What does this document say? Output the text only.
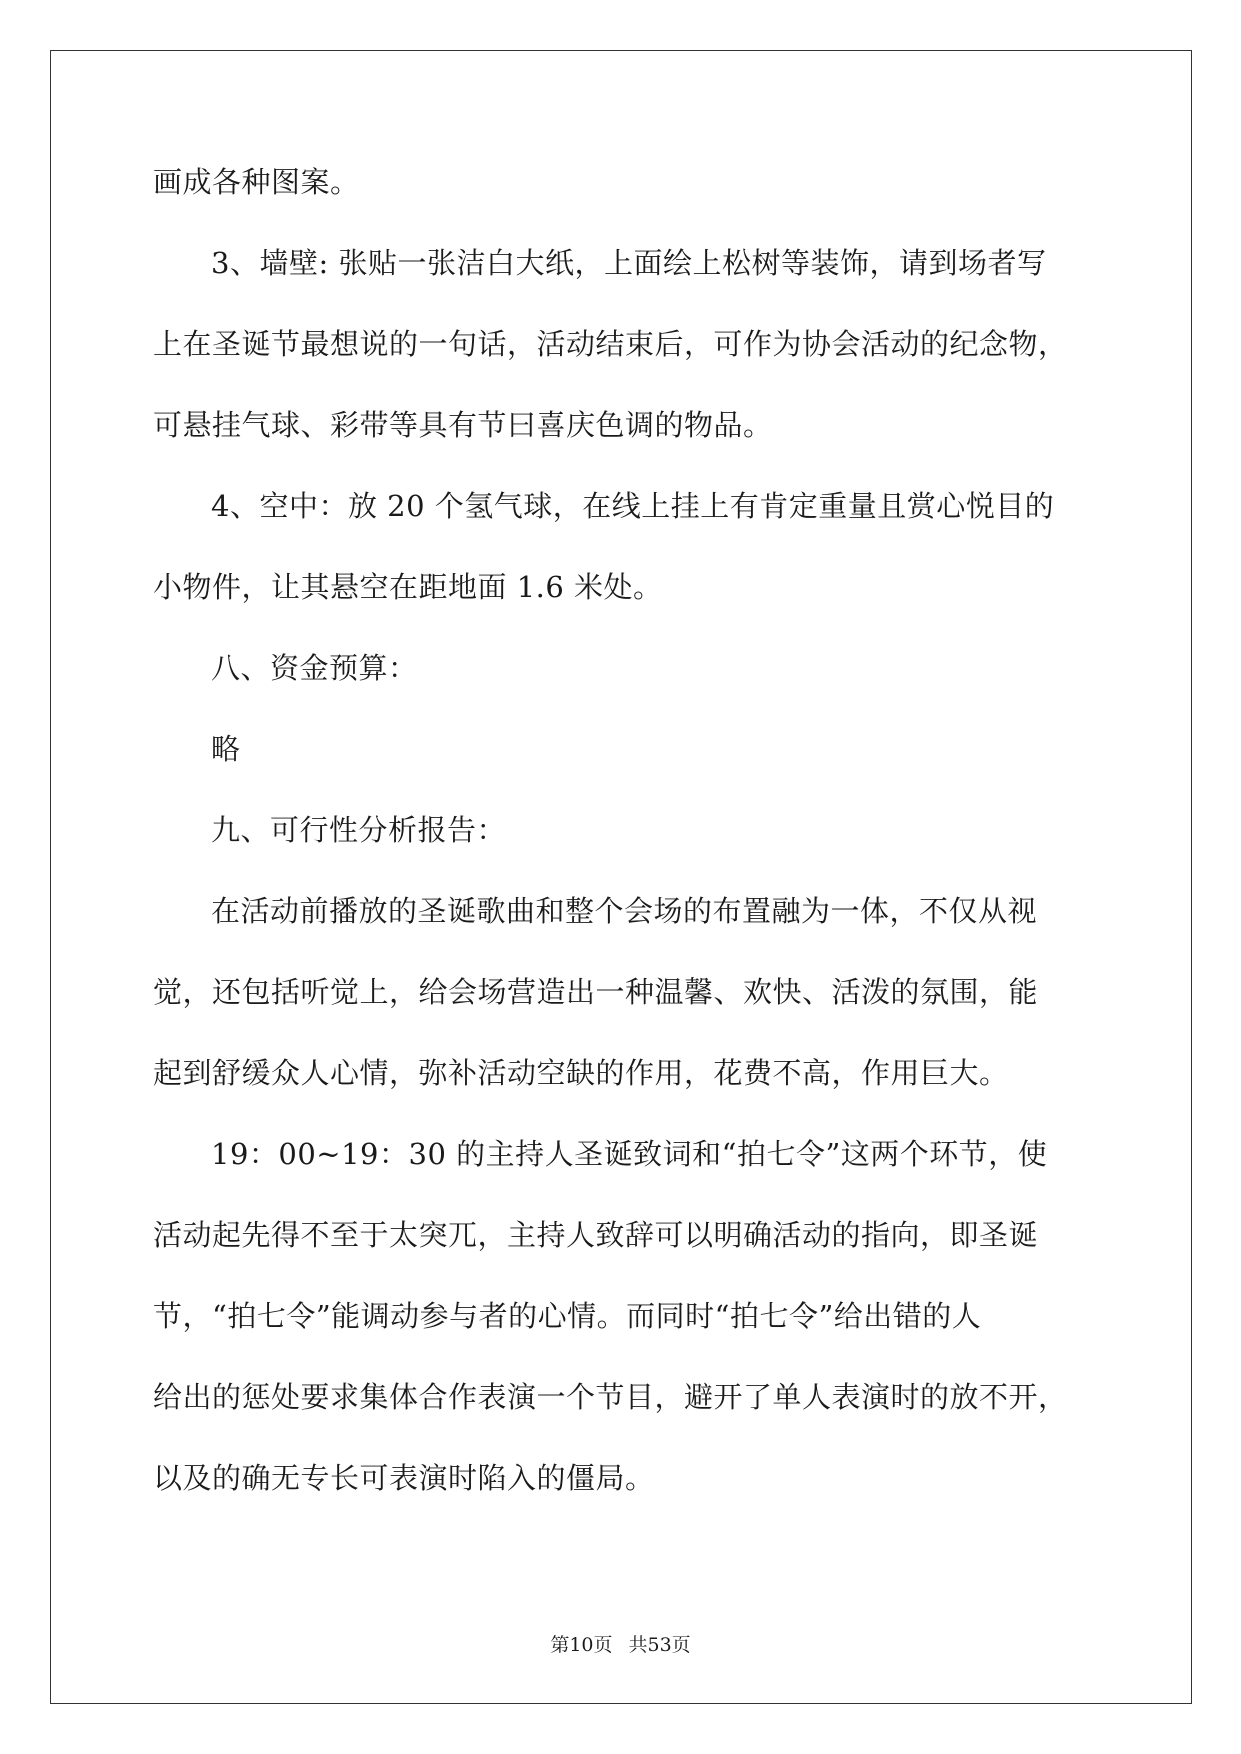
画成各种图案。
3、墙壁: 张贴一张洁白大纸，上面绘上松树等装饰，请到场者写
上在圣诞节最想说的一句话，活动结束后，可作为协会活动的纪念物，
可悬挂气球、彩带等具有节曰喜庆色调的物品。
4、空中：放 20 个氢气球，在线上挂上有肯定重量且赏心悦目的
小物件，让其悬空在距地面 1.6 米处。
八、资金预算：
略
九、可行性分析报告：
在活动前播放的圣诞歌曲和整个会场的布置融为一体，不仅从视
觉，还包括听觉上，给会场营造出一种温馨、欢快、活泼的氛围，能
起到舒缓众人心情，弥补活动空缺的作用，花费不高，作用巨大。
19：00~19：30 的主持人圣诞致词和“拍七令”这两个环节，使
活动起先得不至于太突兀，主持人致辞可以明确活动的指向，即圣诞
节，“拍七令”能调动参与者的心情。而同时“拍七令”给出错的人
给出的惩处要求集体合作表演一个节目，避开了单人表演时的放不开，
以及的确无专长可表演时陷入的僵局。
第10页 共53页
